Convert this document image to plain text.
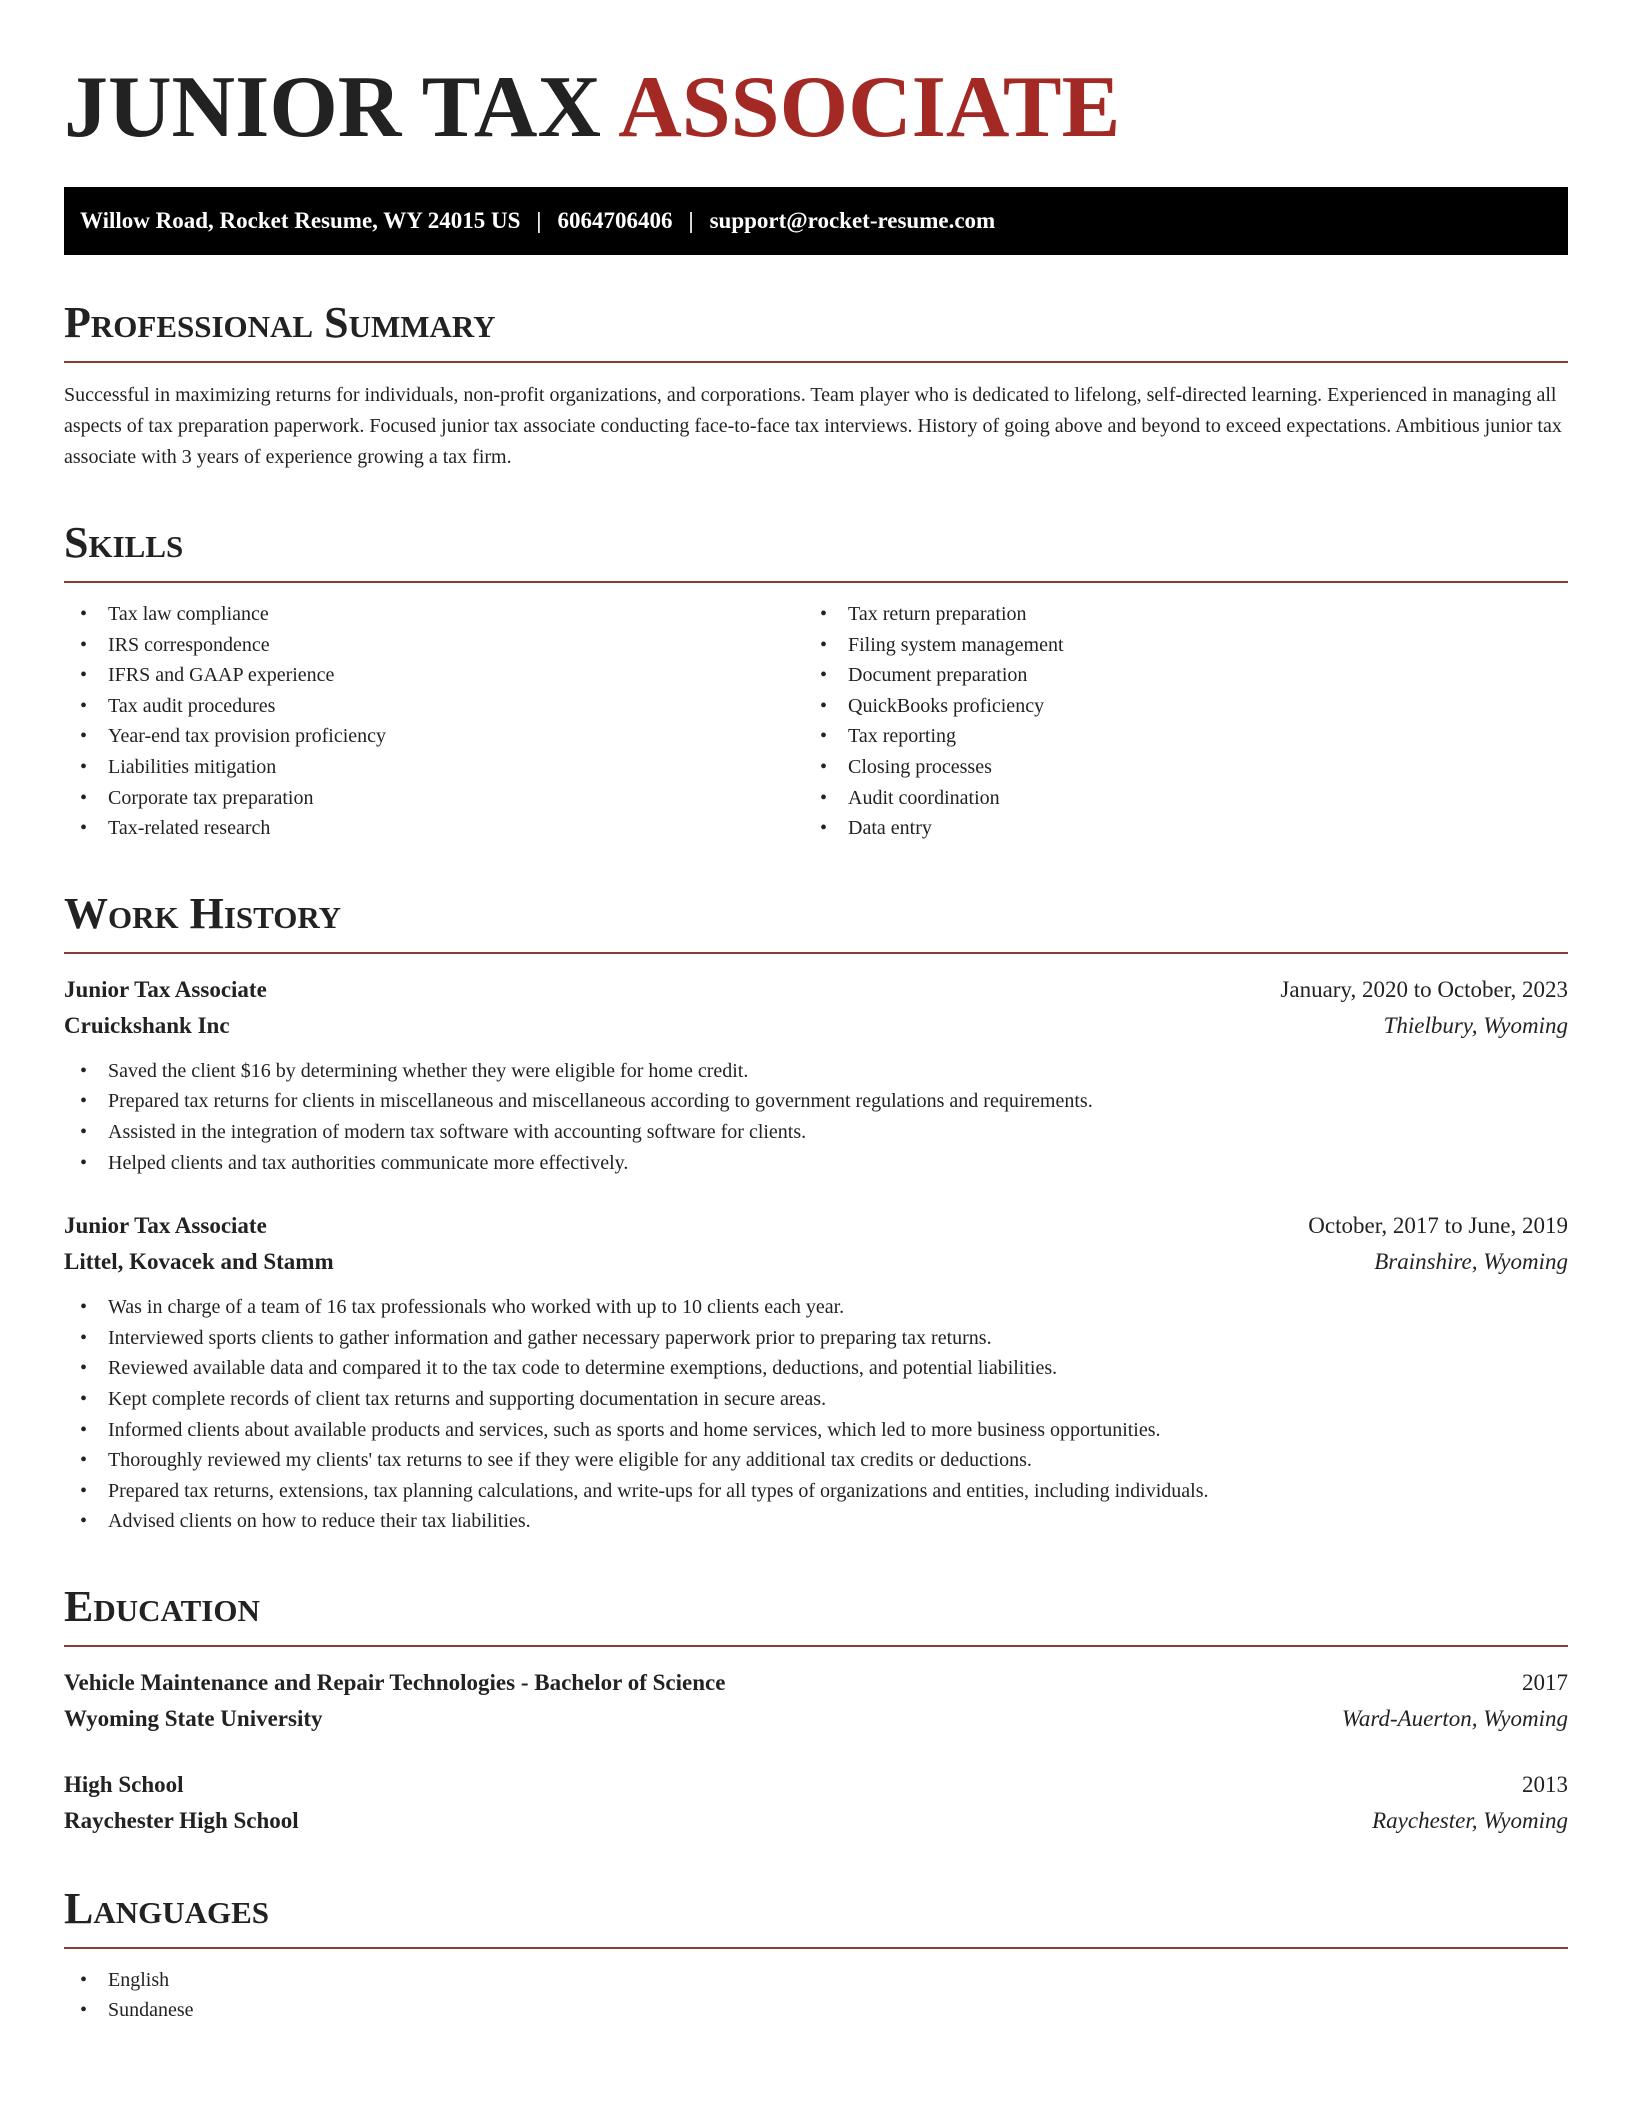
JUNIOR TAX ASSOCIATE
Willow Road, Rocket Resume, WY 24015 US | 6064706406 | support@rocket-resume.com
Professional Summary

Successful in maximizing returns for individuals, non-profit organizations, and corporations. Team player who is dedicated to lifelong, self-directed learning. Experienced in managing all aspects of tax preparation paperwork. Focused junior tax associate conducting face-to-face tax interviews. History of going above and beyond to exceed expectations. Ambitious junior tax associate with 3 years of experience growing a tax firm.

Skills
• Tax law compliance
• IRS correspondence
• IFRS and GAAP experience
• Tax audit procedures
• Year-end tax provision proficiency
• Liabilities mitigation
• Corporate tax preparation
• Tax-related research
• Tax return preparation
• Filing system management
• Document preparation
• QuickBooks proficiency
• Tax reporting
• Closing processes
• Audit coordination
• Data entry
Work History
Junior Tax Associate	January, 2020 to October, 2023
Cruickshank Inc	Thielbury, Wyoming
• Saved the client $16 by determining whether they were eligible for home credit.
• Prepared tax returns for clients in miscellaneous and miscellaneous according to government regulations and requirements.
• Assisted in the integration of modern tax software with accounting software for clients.
• Helped clients and tax authorities communicate more effectively.
Junior Tax Associate	October, 2017 to June, 2019
Littel, Kovacek and Stamm	Brainshire, Wyoming
• Was in charge of a team of 16 tax professionals who worked with up to 10 clients each year.
• Interviewed sports clients to gather information and gather necessary paperwork prior to preparing tax returns.
• Reviewed available data and compared it to the tax code to determine exemptions, deductions, and potential liabilities.
• Kept complete records of client tax returns and supporting documentation in secure areas.
• Informed clients about available products and services, such as sports and home services, which led to more business opportunities.
• Thoroughly reviewed my clients' tax returns to see if they were eligible for any additional tax credits or deductions.
• Prepared tax returns, extensions, tax planning calculations, and write-ups for all types of organizations and entities, including individuals.
• Advised clients on how to reduce their tax liabilities.
Education
Vehicle Maintenance and Repair Technologies - Bachelor of Science	2017
Wyoming State University	Ward-Auerton, Wyoming
High School	2013
Raychester High School	Raychester, Wyoming
Languages
• English
• Sundanese
